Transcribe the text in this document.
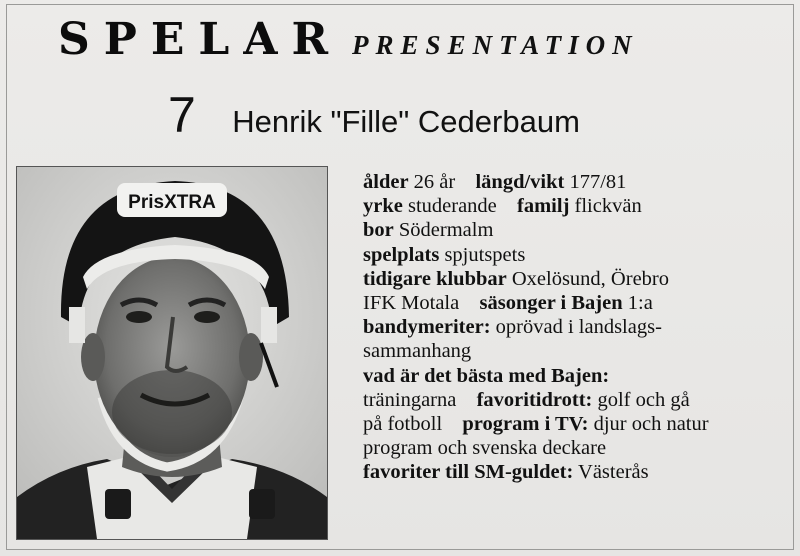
SPELAR PRESENTATION
7 Henrik "Fille" Cederbaum
PrisXTRA
ålder 26 år längd/vikt 177/81
yrke studerande familj flickvän
bor Södermalm
spelplats spjutspets
tidigare klubbar Oxelösund, Örebro
IFK Motala säsonger i Bajen 1:a
bandymeriter: oprövad i landslags-
sammanhang
vad är det bästa med Bajen:
träningarna favoritidrott: golf och gå
på fotboll program i TV: djur och natur
program och svenska deckare
favoriter till SM-guldet: Västerås
